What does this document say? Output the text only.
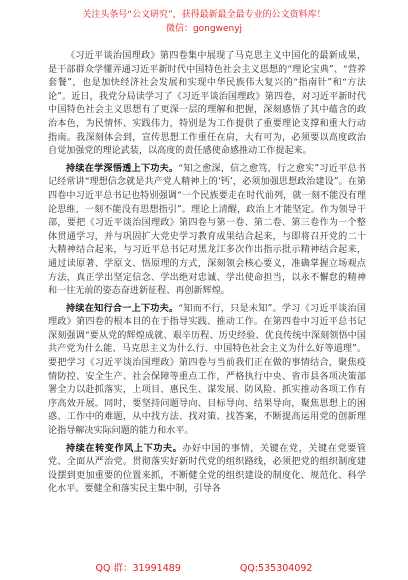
关注头条号“公文研究”，获得最新最全最专业的公文资料库！
微信：gongwenyj

《习近平谈治国理政》第四卷集中展现了马克思主义中国化的最新成果，是干部群众学懂弄通习近平新时代中国特色社会主义思想的“理论宝典”、“营养套餐”，也是加快经济社会发展和实现中华民族伟大复兴的“指南针”和“方法论”。近日，我党分局读学习了《习近平谈治国理政》第四卷，对习近平新时代中国特色社会主义思想有了更深一层的理解和把握，深刻感悟了其中蕴含的政治本色，为民情怀、实践伟力，特别是为工作提供了重要理论支撑和重大行动指南。我深刻体会到，宣传思想工作重任在肩，大有可为，必须要以高度政治自觉加强党的理论武装，以高度的责任感使命感推动工作提起来。

持续在学深悟透上下功夫。“知之愈深，信之愈笃，行之愈实”习近平总书记经常讲“理想信念就是共产党人精神上的‘钙’，必须加强思想政治建设”。在第四卷中习近平总书记也特别强调“一个民族要走在时代前列，就一刻不能没有理论思维，一刻不能没有思想指引”。理论上清醒，政治上才能坚定。作为领导干部，要把《习近平谈治国理政》第四卷与第一卷、第二卷、第三卷作为一个整体贯通学习，并与巩固扩大党史学习教育成果结合起来，与即将召开党的二十大精神结合起来，与习近平总书记对黑龙江多次作出指示批示精神结合起来，通过读原著、学原文、悟原理的方式，深刻领会核心要义，准确掌握立场观点方法，真正学出坚定信念、学出绝对忠诚、学出使命担当，以永不懈怠的精神和一往无前的姿态奋进新征程、再创新辉煌。

持续在知行合一上下功夫。“知而不行，只是未知”。学习《习近平谈治国理政》第四卷的根本目的在于指导实践、推动工作。在第四卷中习近平总书记深刻强调“要从党的辉煌成就、艰辛历程、历史经验、优良传统中深刻领悟中国共产党为什么能、马克思主义为什么行、中国特色社会主义为什么好等道理”。要把学习《习近平谈治国理政》第四卷与当前我们正在做的事情结合，聚焦疫情防控、安全生产、社会保障等重点工作，严格执行中央、省市县各项决策部署全力以赴抓落实，上项目、惠民生、谋发展、防风险、抓实推动各项工作有序高效开展。同时，要坚持问题导向、目标导向、结果导向，聚焦思想上的困惑、工作中的难题，从中找方法、找对策、找答案，不断提高运用党的创新理论指导解决实际问题的能力和水平。

持续在转变作风上下功夫。办好中国的事情，关键在党，关键在党要管党、全面从严治党。贯彻落实好新时代党的组织路线，必须把党的组织制度建设摆到更加重要的位置来抓，不断健全党的组织建设的制度化、规范化、科学化水平。要健全和落实民主集中制，引导各

QQ 群：31991489	QQ:535304092
